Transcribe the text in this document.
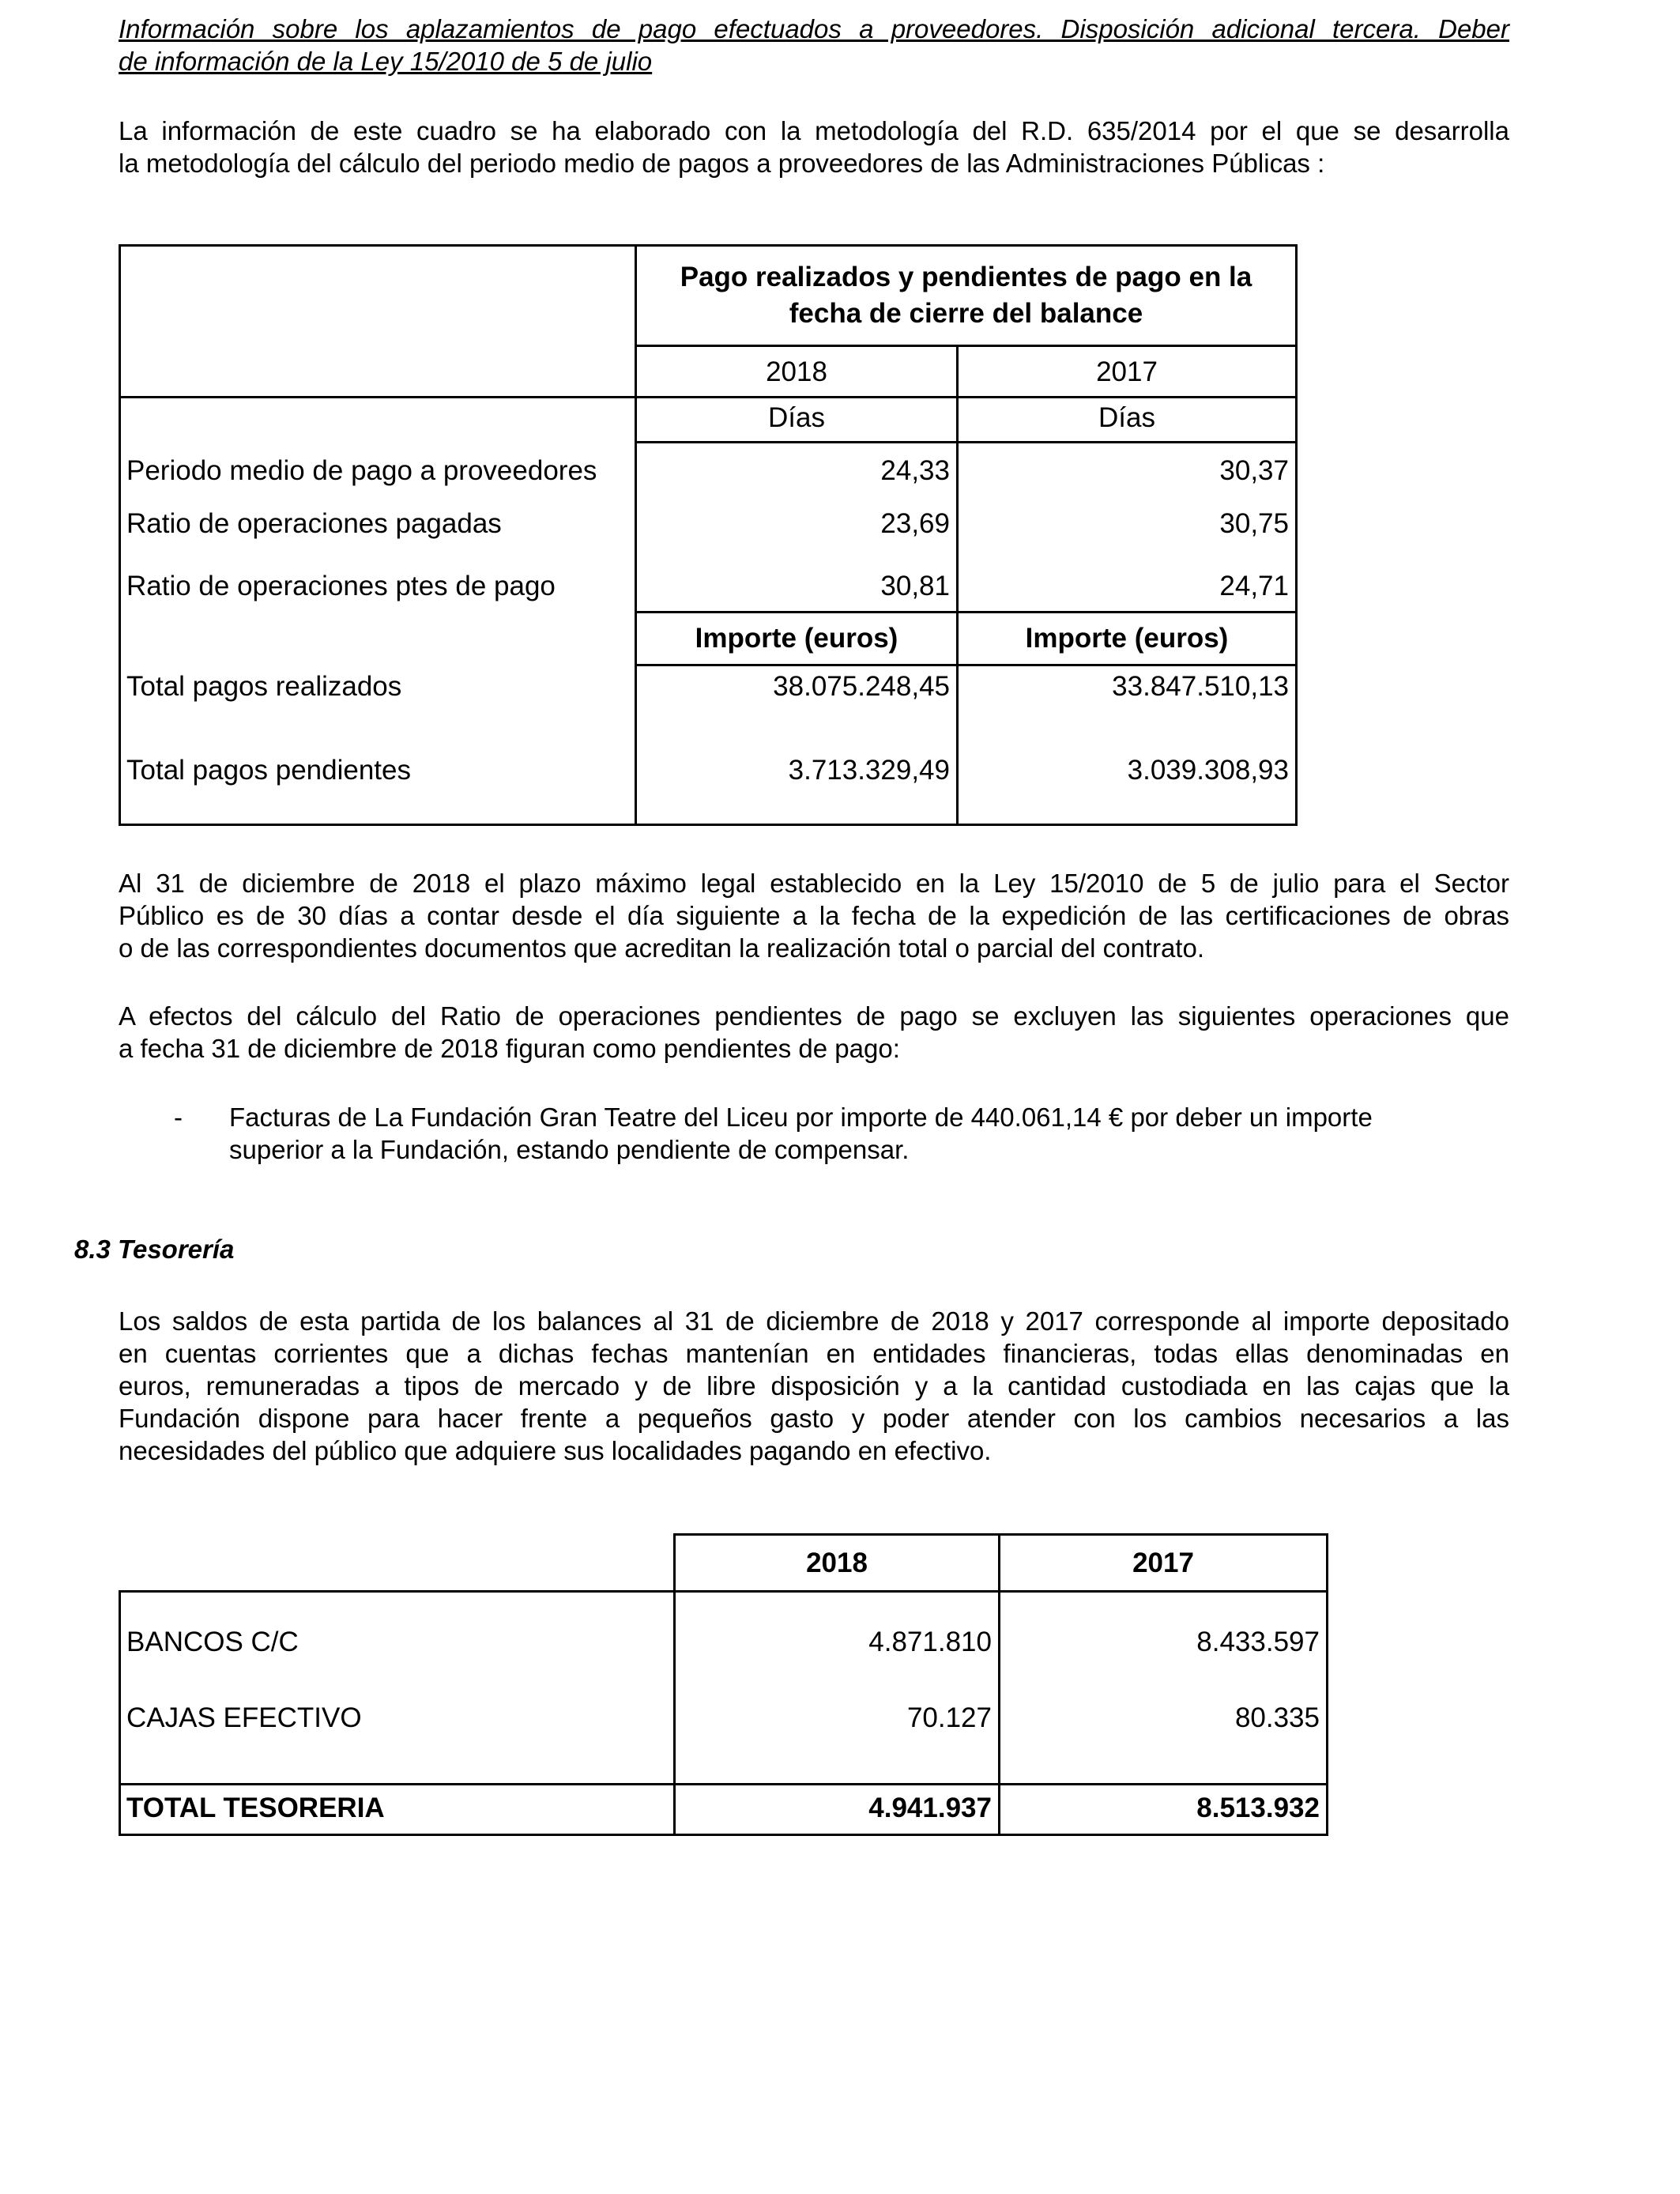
Información sobre los aplazamientos de pago efectuados a proveedores. Disposición adicional tercera. Deber
de información de la Ley 15/2010 de 5 de julio
La información de este cuadro se ha elaborado con la metodología del R.D. 635/2014 por el que se desarrolla
la metodología del cálculo del periodo medio de pagos a proveedores de las Administraciones Públicas :
Pago realizados y pendientes de pago en la
fecha de cierre del balance
2018	2017
Días	Días
Periodo medio de pago a proveedores	24,33	30,37
Ratio de operaciones pagadas	23,69	30,75
Ratio de operaciones ptes de pago	30,81	24,71
Importe (euros)	Importe (euros)
Total pagos realizados	38.075.248,45	33.847.510,13
Total pagos pendientes	3.713.329,49	3.039.308,93
Al 31 de diciembre de 2018 el plazo máximo legal establecido en la Ley 15/2010 de 5 de julio para el Sector
Público es de 30 días a contar desde el día siguiente a la fecha de la expedición de las certificaciones de obras
o de las correspondientes documentos que acreditan la realización total o parcial del contrato.
A efectos del cálculo del Ratio de operaciones pendientes de pago se excluyen las siguientes operaciones que
a fecha 31 de diciembre de 2018 figuran como pendientes de pago:
-	Facturas de La Fundación Gran Teatre del Liceu por importe de 440.061,14 € por deber un importe
superior a la Fundación, estando pendiente de compensar.
8.3 Tesorería
Los saldos de esta partida de los balances al 31 de diciembre de 2018 y 2017 corresponde al importe depositado
en cuentas corrientes que a dichas fechas mantenían en entidades financieras, todas ellas denominadas en
euros, remuneradas a tipos de mercado y de libre disposición y a la cantidad custodiada en las cajas que la
Fundación dispone para hacer frente a pequeños gasto y poder atender con los cambios necesarios a las
necesidades del público que adquiere sus localidades pagando en efectivo.
2018	2017
BANCOS C/C	4.871.810	8.433.597
CAJAS EFECTIVO	70.127	80.335
TOTAL TESORERIA	4.941.937	8.513.932
